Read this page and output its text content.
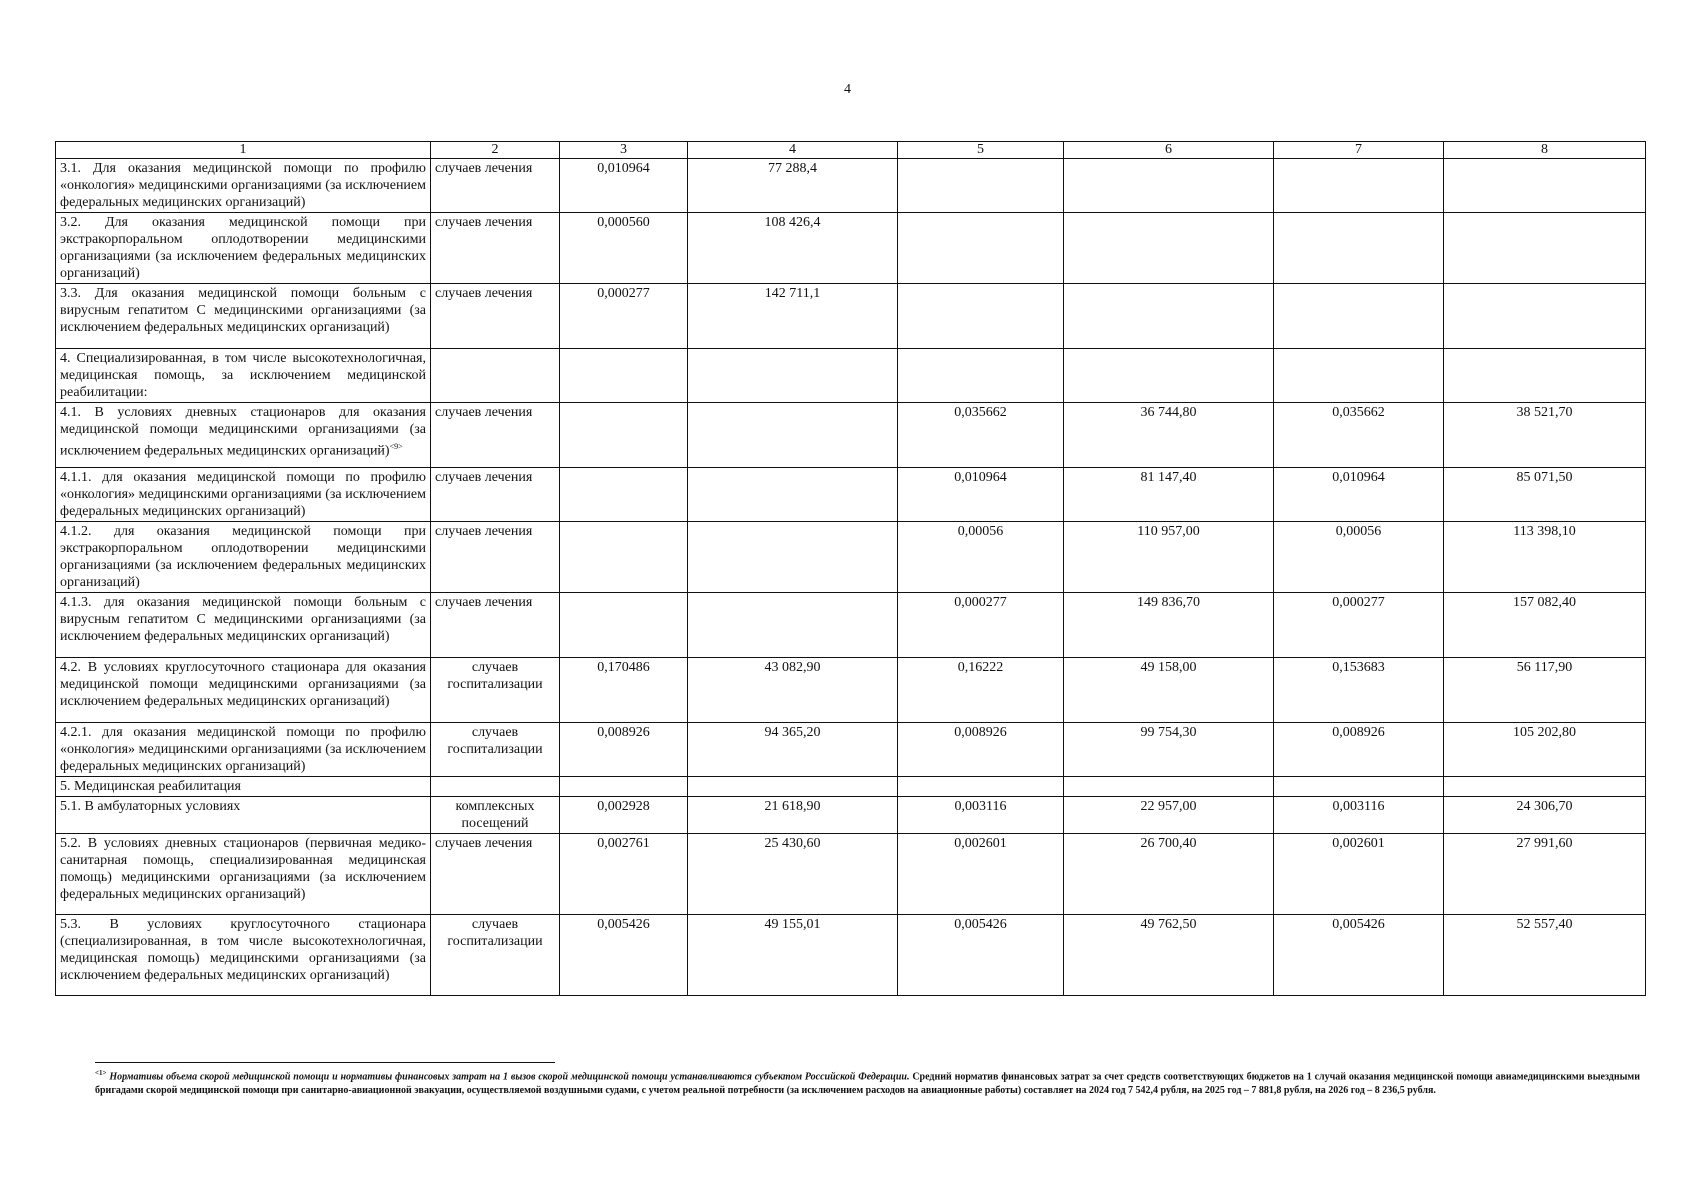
4
1	2	3	4	5	6	7	8
3.1. Для оказания медицинской помощи по профилю «онкология» медицинскими организациями (за исключением федеральных медицинских организаций)	случаев лечения	0,010964	77 288,4				
3.2. Для оказания медицинской помощи при экстракорпоральном оплодотворении медицинскими организациями (за исключением федеральных медицинских организаций)	случаев лечения	0,000560	108 426,4				
3.3. Для оказания медицинской помощи больным с вирусным гепатитом С медицинскими организациями (за исключением федеральных медицинских организаций)	случаев лечения	0,000277	142 711,1				
4. Специализированная, в том числе высокотехнологичная, медицинская помощь, за исключением медицинской реабилитации:							
4.1. В условиях дневных стационаров для оказания медицинской помощи медицинскими организациями (за исключением федеральных медицинских организаций)$^{<9>}$	случаев лечения			0,035662	36 744,80	0,035662	38 521,70
4.1.1. для оказания медицинской помощи по профилю «онкология» медицинскими организациями (за исключением федеральных медицинских организаций)	случаев лечения			0,010964	81 147,40	0,010964	85 071,50
4.1.2. для оказания медицинской помощи при экстракорпоральном оплодотворении медицинскими организациями (за исключением федеральных медицинских организаций)	случаев лечения			0,00056	110 957,00	0,00056	113 398,10
4.1.3. для оказания медицинской помощи больным с вирусным гепатитом С медицинскими организациями (за исключением федеральных медицинских организаций)	случаев лечения			0,000277	149 836,70	0,000277	157 082,40
4.2. В условиях круглосуточного стационара для оказания медицинской помощи медицинскими организациями (за исключением федеральных медицинских организаций)	случаев госпитализации	0,170486	43 082,90	0,16222	49 158,00	0,153683	56 117,90
4.2.1. для оказания медицинской помощи по профилю «онкология» медицинскими организациями (за исключением федеральных медицинских организаций)	случаев госпитализации	0,008926	94 365,20	0,008926	99 754,30	0,008926	105 202,80
5. Медицинская реабилитация							
5.1. В амбулаторных условиях	комплексных посещений	0,002928	21 618,90	0,003116	22 957,00	0,003116	24 306,70
5.2. В условиях дневных стационаров (первичная медико-санитарная помощь, специализированная медицинская помощь) медицинскими организациями (за исключением федеральных медицинских организаций)	случаев лечения	0,002761	25 430,60	0,002601	26 700,40	0,002601	27 991,60
5.3. В условиях круглосуточного стационара (специализированная, в том числе высокотехнологичная, медицинская помощь) медицинскими организациями (за исключением федеральных медицинских организаций)	случаев госпитализации	0,005426	49 155,01	0,005426	49 762,50	0,005426	52 557,40
$^{<1>}$ Нормативы объема скорой медицинской помощи и нормативы финансовых затрат на 1 вызов скорой медицинской помощи устанавливаются субъектом Российской Федерации. Средний норматив финансовых затрат за счет средств соответствующих бюджетов на 1 случай оказания медицинской помощи авиамедицинскими выездными бригадами скорой медицинской помощи при санитарно-авиационной эвакуации, осуществляемой воздушными судами, с учетом реальной потребности (за исключением расходов на авиационные работы) составляет на 2024 год 7 542,4 рубля, на 2025 год – 7 881,8 рубля, на 2026 год – 8 236,5 рубля.
